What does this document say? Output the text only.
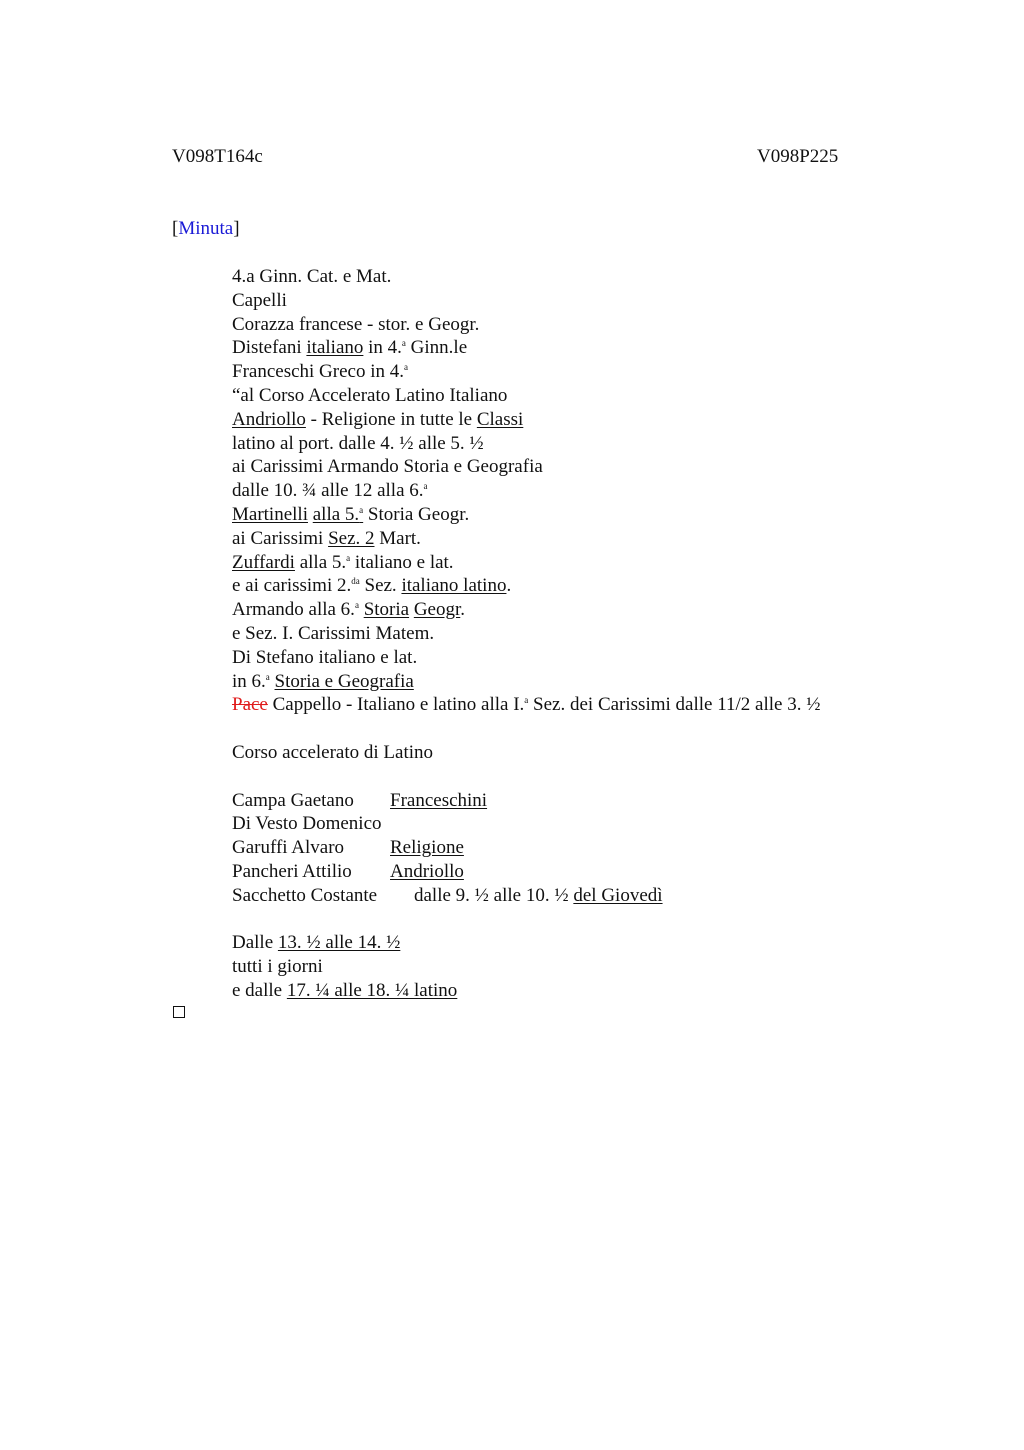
V098T164c	V098P225
[Minuta]
4.a Ginn. Cat. e Mat.
Capelli
Corazza francese - stor. e Geogr.
Distefani italiano in 4.$^a$ Ginn.le
Franceschi Greco in 4.$^a$
“al Corso Accelerato Latino Italiano
Andriollo - Religione in tutte le Classi
latino al port. dalle 4. ½ alle 5. ½
ai Carissimi Armando Storia e Geografia
dalle 10. ¾ alle 12 alla 6.$^a$
Martinelli alla 5.$^a$ Storia Geogr.
ai Carissimi Sez. 2 Mart.
Zuffardi alla 5.$^a$ italiano e lat.
e ai carissimi 2.$^{da}$ Sez. italiano latino.
Armando alla 6.$^a$ Storia Geogr.
e Sez. I. Carissimi Matem.
Di Stefano italiano e lat.
in 6.$^a$ Storia e Geografia
Pace Cappello - Italiano e latino alla I.$^a$ Sez. dei Carissimi dalle 11/2 alle 3. ½
Corso accelerato di Latino
Campa Gaetano Franceschini
Di Vesto Domenico
Garuffi Alvaro Religione
Pancheri Attilio Andriollo
Sacchetto Costante dalle 9. ½ alle 10. ½ del Giovedì
Dalle 13. ½ alle 14. ½
tutti i giorni
e dalle 17. ¼ alle 18. ¼ latino
